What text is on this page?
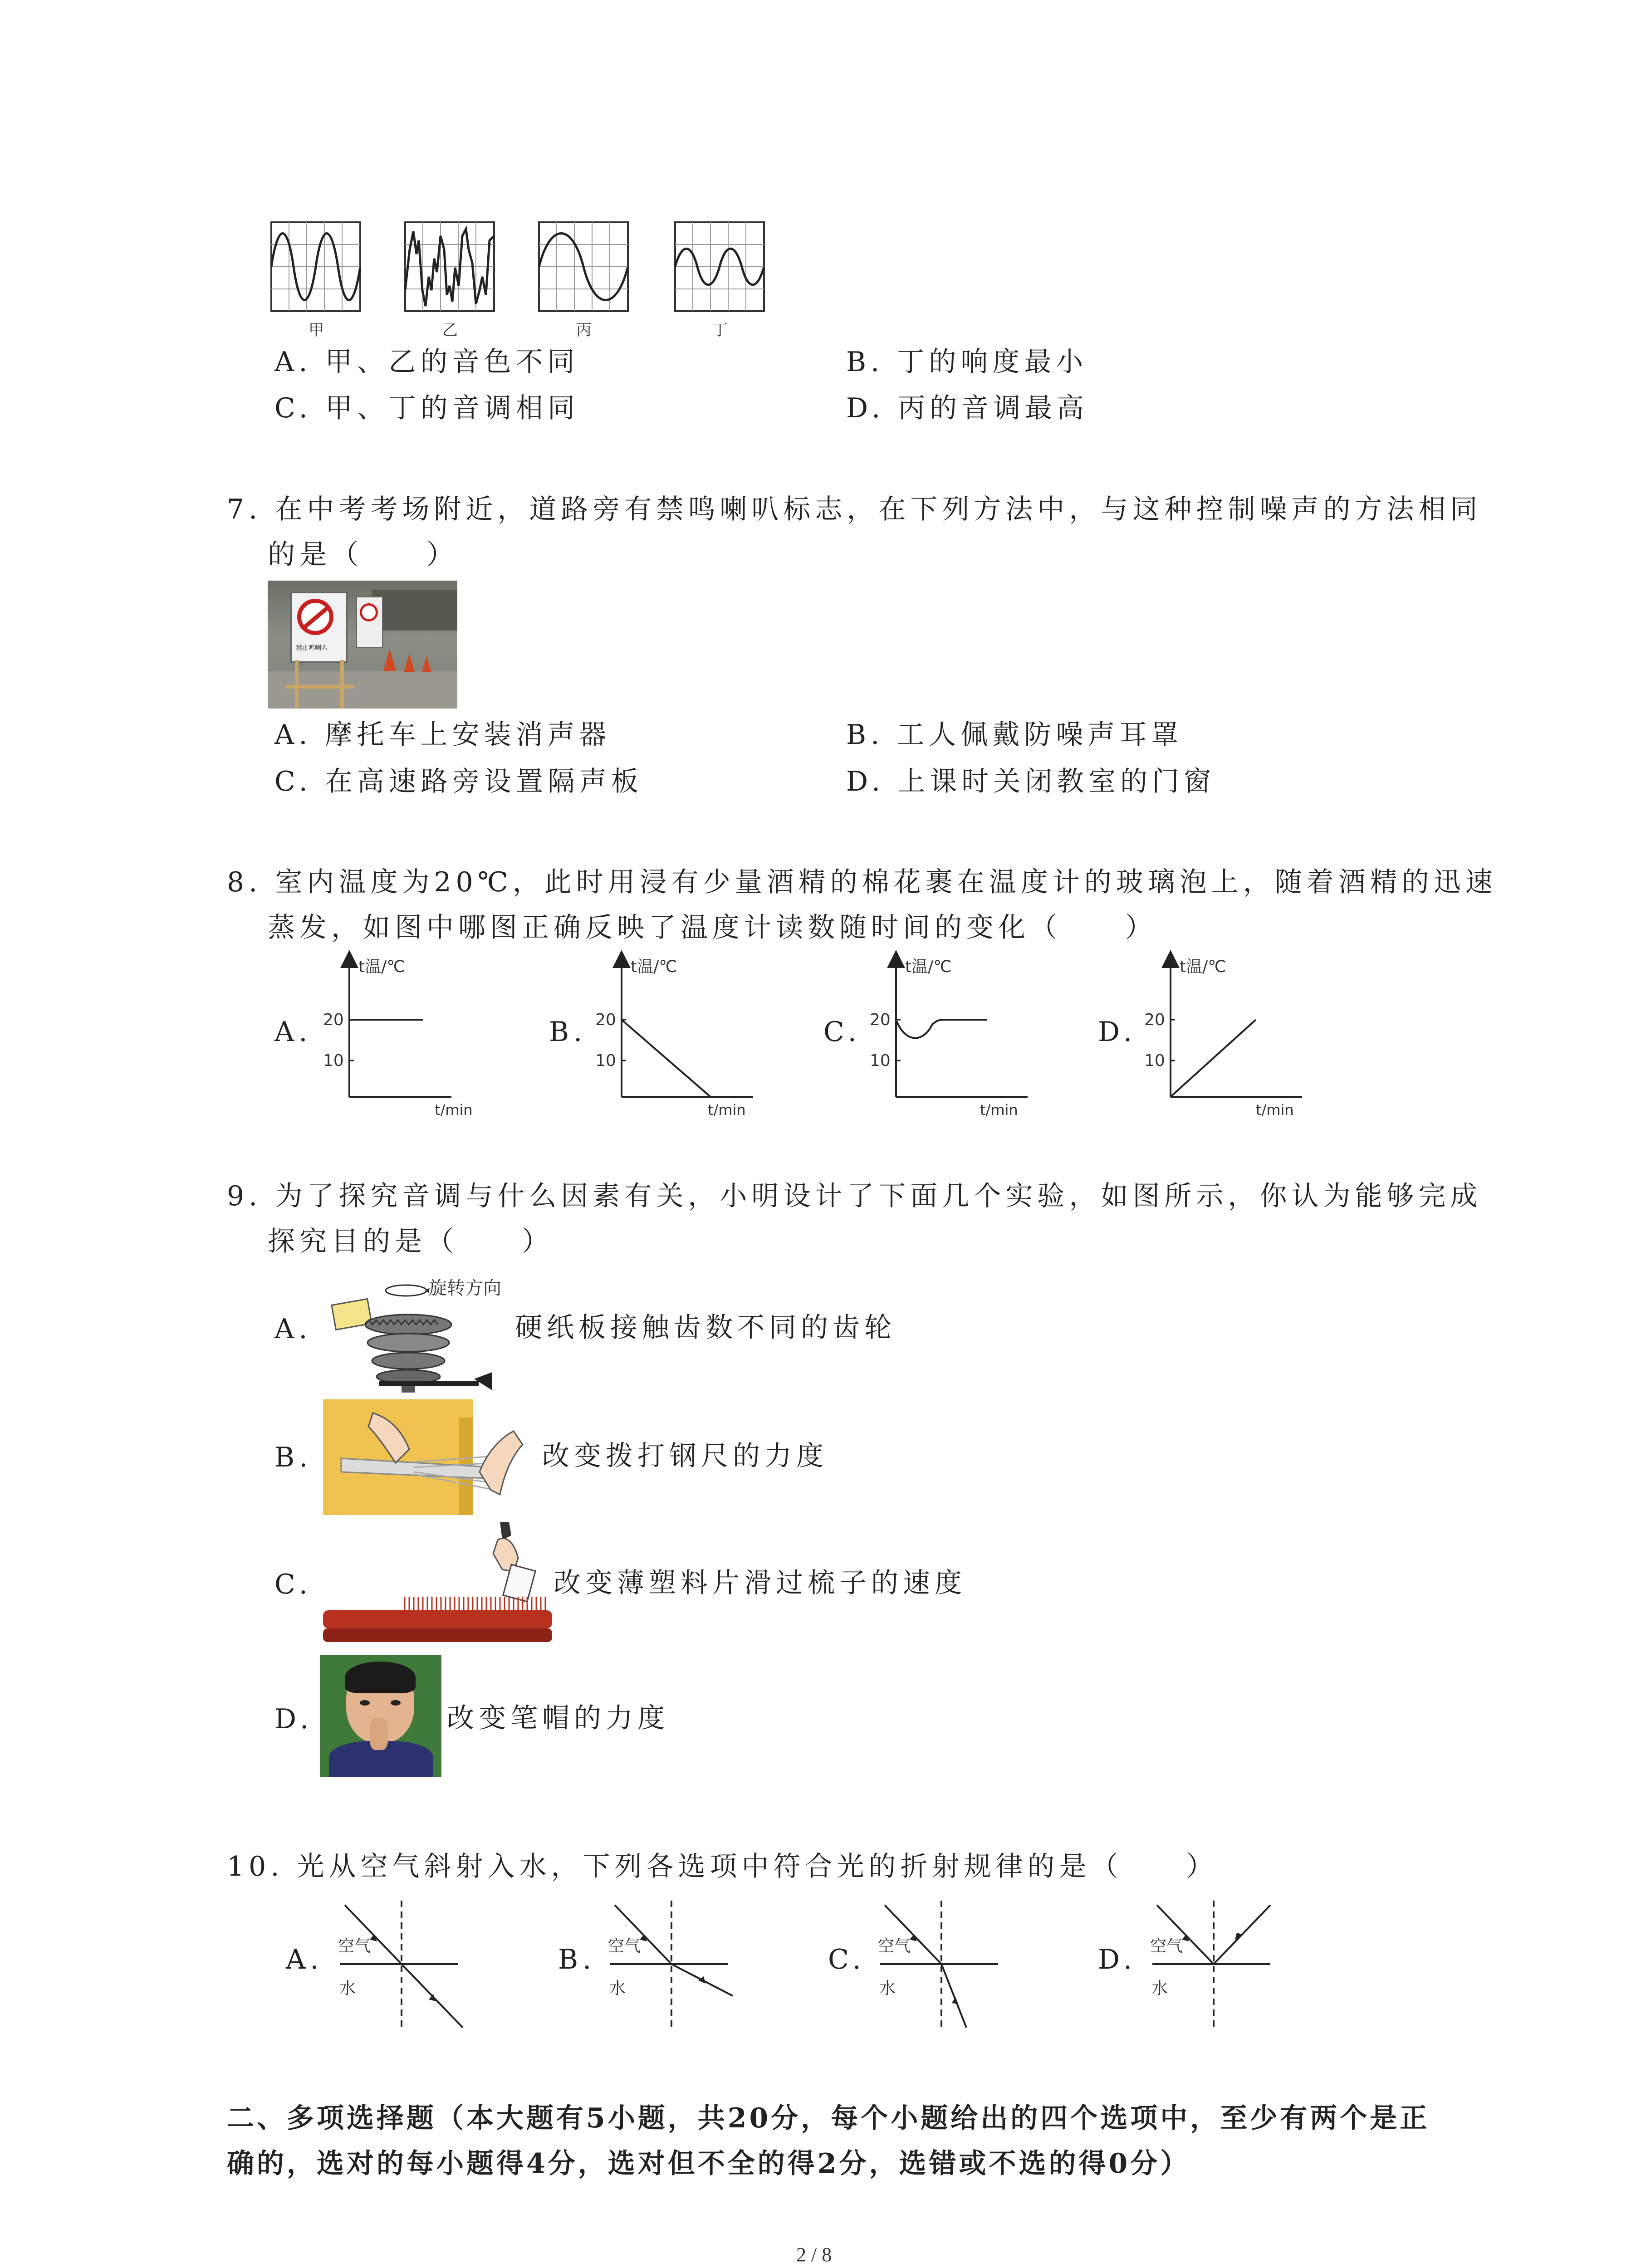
甲	乙	丙	丁
A. 甲、乙的音色不同	B. 丁的响度最小
C. 甲、丁的音调相同	D. 丙的音调最高
7. 在中考考场附近，道路旁有禁鸣喇叭标志，在下列方法中，与这种控制噪声的方法相同
的是（　　）
禁止鸣喇叭
A. 摩托车上安装消声器	B. 工人佩戴防噪声耳罩
C. 在高速路旁设置隔声板	D. 上课时关闭教室的门窗
8. 室内温度为20℃，此时用浸有少量酒精的棉花裹在温度计的玻璃泡上，随着酒精的迅速
蒸发，如图中哪图正确反映了温度计读数随时间的变化（　　）
A.	B.	C.	D.
t温/℃
20
10
t/min
t温/℃
20
10
t/min
t温/℃
20
10
t/min
t温/℃
20
10
t/min
9. 为了探究音调与什么因素有关，小明设计了下面几个实验，如图所示，你认为能够完成
探究目的是（　　）
A.
旋转方向
硬纸板接触齿数不同的齿轮
B.	改变拨打钢尺的力度
C.	改变薄塑料片滑过梳子的速度
D.	改变笔帽的力度
10. 光从空气斜射入水，下列各选项中符合光的折射规律的是（　　）
A.	B.	C.	D.
空气
水
空气
水
空气
水
空气
水
二、多项选择题（本大题有5小题，共20分，每个小题给出的四个选项中，至少有两个是正
确的，选对的每小题得4分，选对但不全的得2分，选错或不选的得0分）
2 / 8
